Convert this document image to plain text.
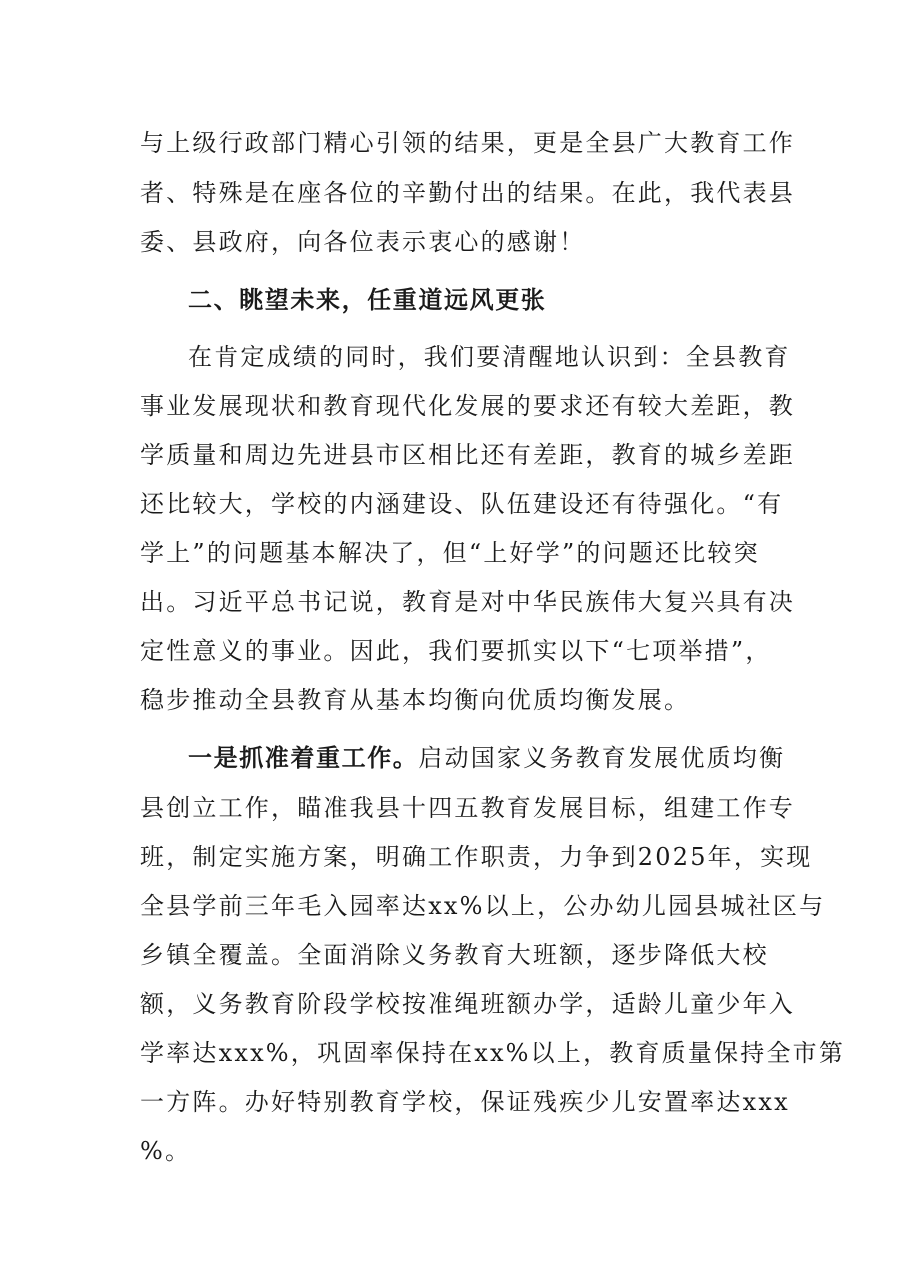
与上级行政部门精心引领的结果，更是全县广大教育工作
者、特殊是在座各位的辛勤付出的结果。在此，我代表县
委、县政府，向各位表示衷心的感谢！
二、眺望未来，任重道远风更张
在肯定成绩的同时，我们要清醒地认识到：全县教育
事业发展现状和教育现代化发展的要求还有较大差距，教
学质量和周边先进县市区相比还有差距，教育的城乡差距
还比较大，学校的内涵建设、队伍建设还有待强化。“有
学上”的问题基本解决了，但“上好学”的问题还比较突
出。习近平总书记说，教育是对中华民族伟大复兴具有决
定性意义的事业。因此，我们要抓实以下“七项举措”，
稳步推动全县教育从基本均衡向优质均衡发展。
一是抓准着重工作。启动国家义务教育发展优质均衡
县创立工作，瞄准我县十四五教育发展目标，组建工作专
班，制定实施方案，明确工作职责，力争到2025年，实现
全县学前三年毛入园率达xx%以上，公办幼儿园县城社区与
乡镇全覆盖。全面消除义务教育大班额，逐步降低大校
额，义务教育阶段学校按准绳班额办学，适龄儿童少年入
学率达xxx%，巩固率保持在xx%以上，教育质量保持全市第
一方阵。办好特别教育学校，保证残疾少儿安置率达xxx
%。
